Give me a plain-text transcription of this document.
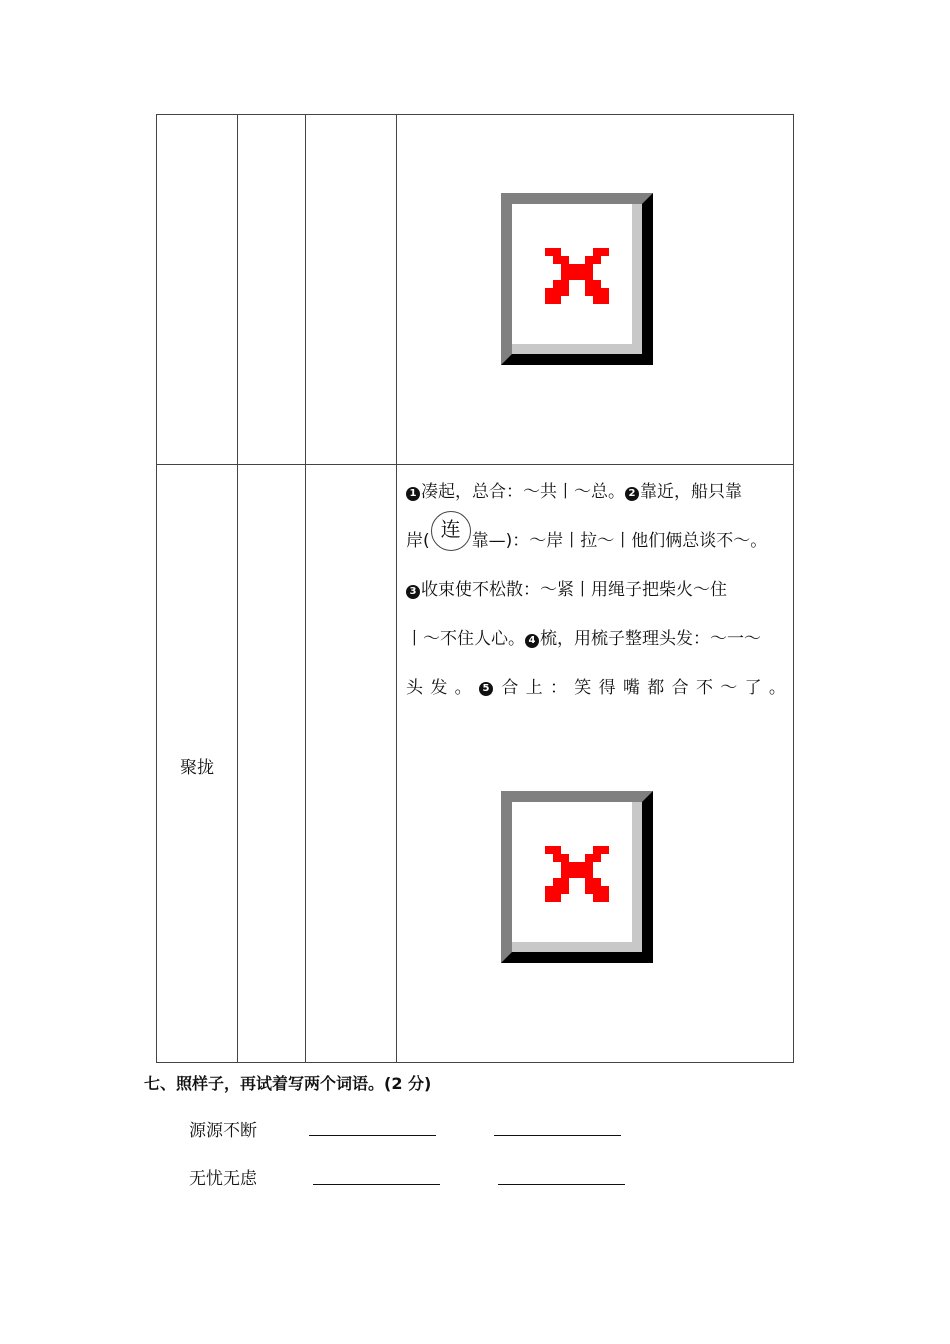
聚拢
1 凑起，总合：～共丨～总。 2 靠近，船只靠
岸( 连 靠—)：～岸丨拉～丨他们俩总谈不～。
3 收束使不松散：～紧丨用绳子把柴火～住
丨～不住人心。 4 梳，用梳子整理头发：～一～
头 发 。	5 合 上 ： 笑 得 嘴 都 合 不 ～ 了 。
七、照样子，再试着写两个词语。(2 分)
源源不断
无忧无虑
